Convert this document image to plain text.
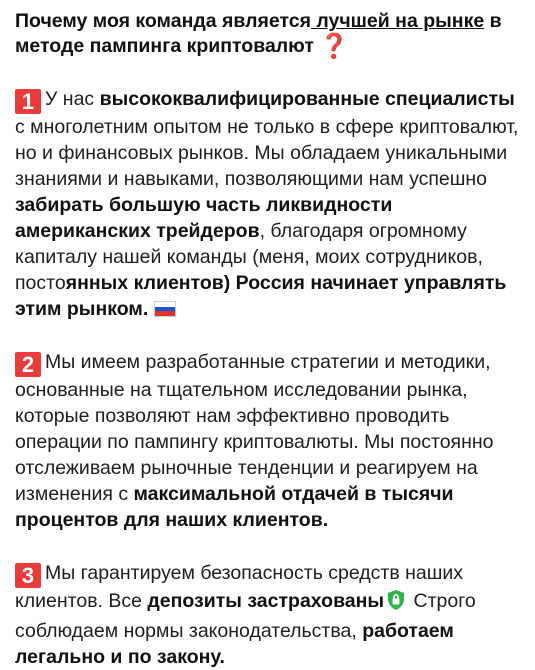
Почему моя команда является лучшей на рынке в методе пампинга криптовалют ❓

1 У нас высококвалифицированные специалисты с многолетним опытом не только в сфере криптовалют, но и финансовых рынков. Мы обладаем уникальными знаниями и навыками, позволяющими нам успешно забирать большую часть ликвидности американских трейдеров, благодаря огромному капиталу нашей команды (меня, моих сотрудников, постоянных клиентов) Россия начинает управлять этим рынком.

2 Мы имеем разработанные стратегии и методики, основанные на тщательном исследовании рынка, которые позволяют нам эффективно проводить операции по пампингу криптовалюты. Мы постоянно отслеживаем рыночные тенденции и реагируем на изменения с максимальной отдачей в тысячи процентов для наших клиентов.

3 Мы гарантируем безопасность средств наших клиентов. Все депозиты застрахованы Строго соблюдаем нормы законодательства, работаем легально и по закону.
